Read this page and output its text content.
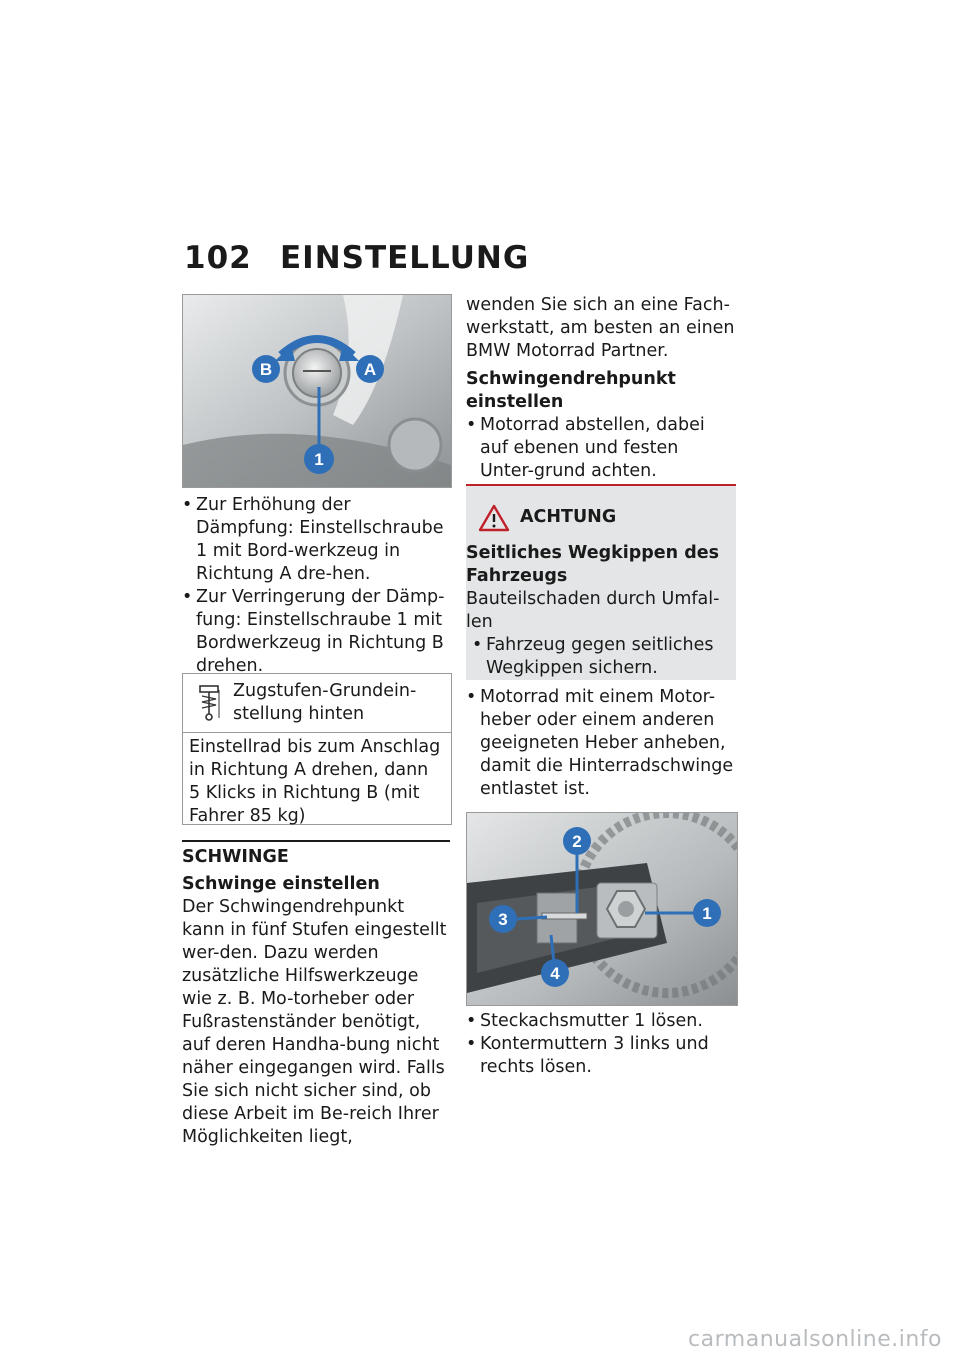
102 EINSTELLUNG
B	A
1

• Zur Erhöhung der Dämpfung: Einstellschraube 1 mit Bord-werkzeug in Richtung A dre-hen.

• Zur Verringerung der Dämp-fung: Einstellschraube 1 mit Bordwerkzeug in Richtung B drehen.

Zugstufen-Grundein-stellung hinten
Einstellrad bis zum Anschlag in Richtung A drehen, dann 5 Klicks in Richtung B (mit Fahrer 85 kg)
SCHWINGE
Schwinge einstellen
Der Schwingendrehpunkt kann in fünf Stufen eingestellt wer-den. Dazu werden zusätzliche Hilfswerkzeuge wie z. B. Mo-torheber oder Fußrastenständer benötigt, auf deren Handha-bung nicht näher eingegangen wird. Falls Sie sich nicht sicher sind, ob diese Arbeit im Be-reich Ihrer Möglichkeiten liegt,
wenden Sie sich an eine Fach-werkstatt, am besten an einen BMW Motorrad Partner.
Schwingendrehpunkt einstellen

• Motorrad abstellen, dabei auf ebenen und festen Unter-grund achten.

ACHTUNG
Seitliches Wegkippen des Fahrzeugs
Bauteilschaden durch Umfal-len
• Fahrzeug gegen seitliches Wegkippen sichern.

• Motorrad mit einem Motor-heber oder einem anderen geeigneten Heber anheben, damit die Hinterradschwinge entlastet ist.

2
1
3
4

• Steckachsmutter 1 lösen.

• Kontermuttern 3 links und rechts lösen.

carmanualsonline.info
